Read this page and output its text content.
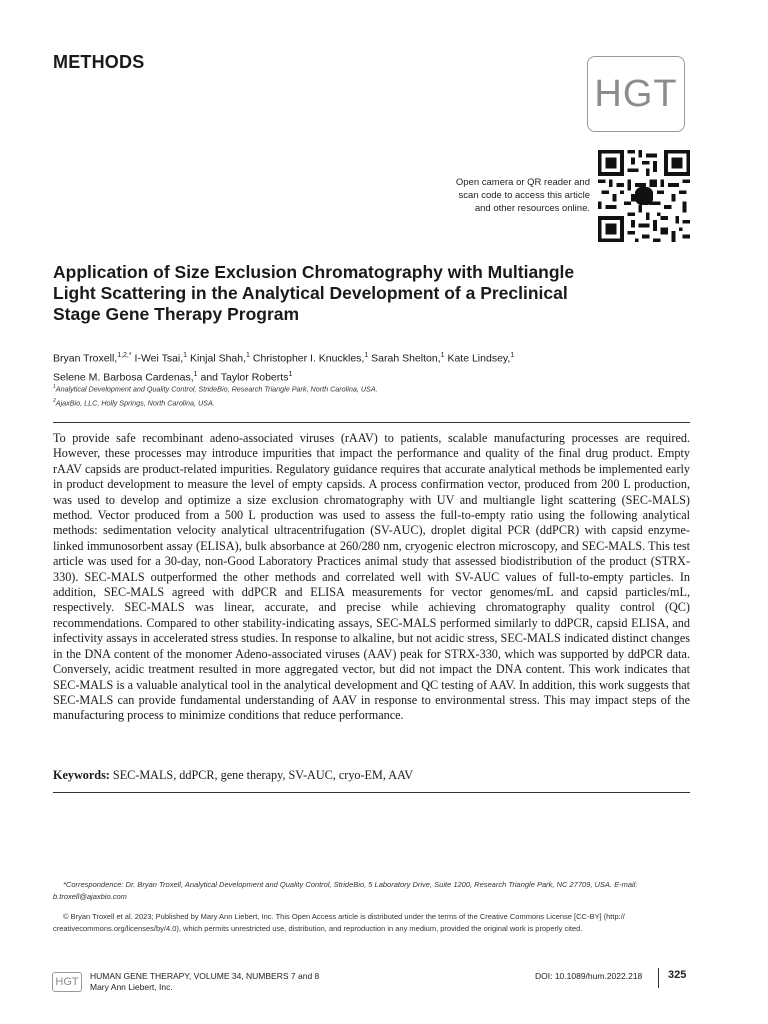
METHODS
HGT
Open camera or QR reader and
scan code to access this article
and other resources online.
Application of Size Exclusion Chromatography with Multiangle
Light Scattering in the Analytical Development of a Preclinical
Stage Gene Therapy Program
Bryan Troxell,$^{1,2,*}$ I-Wei Tsai,$^1$ Kinjal Shah,$^1$ Christopher I. Knuckles,$^1$ Sarah Shelton,$^1$ Kate Lindsey,$^1$
Selene M. Barbosa Cardenas,$^1$ and Taylor Roberts$^1$
$^1$Analytical Development and Quality Control, StrideBio, Research Triangle Park, North Carolina, USA.
$^2$AjaxBio, LLC, Holly Springs, North Carolina, USA.
To provide safe recombinant adeno-associated viruses (rAAV) to patients, scalable manufacturing processes are required. However, these processes may introduce impurities that impact the performance and quality of the final drug product. Empty rAAV capsids are product-related impurities. Regulatory guidance requires that accurate analytical methods be implemented early in product development to measure the level of empty capsids. A process confirmation vector, produced from 200 L production, was used to develop and optimize a size exclusion chromatography with UV and multiangle light scattering (SEC-MALS) method. Vector produced from a 500 L production was used to assess the full-to-empty ratio using the following analytical methods: sedimentation velocity analytical ultracentrifugation (SV-AUC), droplet digital PCR (ddPCR) with capsid enzyme-linked immunosorbent assay (ELISA), bulk absorbance at 260/280 nm, cryogenic electron microscopy, and SEC-MALS. This test article was used for a 30-day, non-Good Laboratory Practices animal study that assessed biodistribution of the product (STRX-330). SEC-MALS outperformed the other methods and correlated well with SV-AUC values of full-to-empty particles. In addition, SEC-MALS agreed with ddPCR and ELISA measurements for vector genomes/mL and capsid particles/mL, respectively. SEC-MALS was linear, accurate, and precise while achieving chromatography quality control (QC) recommendations. Compared to other stability-indicating assays, SEC-MALS performed similarly to ddPCR, capsid ELISA, and infectivity assays in accelerated stress studies. In response to alkaline, but not acidic stress, SEC-MALS indicated distinct changes in the DNA content of the monomer Adeno-associated viruses (AAV) peak for STRX-330, which was supported by ddPCR data. Conversely, acidic treatment resulted in more aggregated vector, but did not impact the DNA content. This work indicates that SEC-MALS is a valuable analytical tool in the analytical development and QC testing of AAV. In addition, this work suggests that SEC-MALS can provide fundamental understanding of AAV in response to environmental stress. This may impact steps of the manufacturing process to minimize conditions that reduce performance.
Keywords: SEC-MALS, ddPCR, gene therapy, SV-AUC, cryo-EM, AAV
*Correspondence: Dr. Bryan Troxell, Analytical Development and Quality Control, StrideBio, 5 Laboratory Drive, Suite 1200, Research Triangle Park, NC 27709, USA. E-mail:
b.troxell@ajaxbio.com
© Bryan Troxell et al. 2023; Published by Mary Ann Liebert, Inc. This Open Access article is distributed under the terms of the Creative Commons License [CC-BY] (http://
creativecommons.org/licenses/by/4.0), which permits unrestricted use, distribution, and reproduction in any medium, provided the original work is properly cited.
HGT HUMAN GENE THERAPY, VOLUME 34, NUMBERS 7 and 8
Mary Ann Liebert, Inc.
DOI: 10.1089/hum.2022.218 325
